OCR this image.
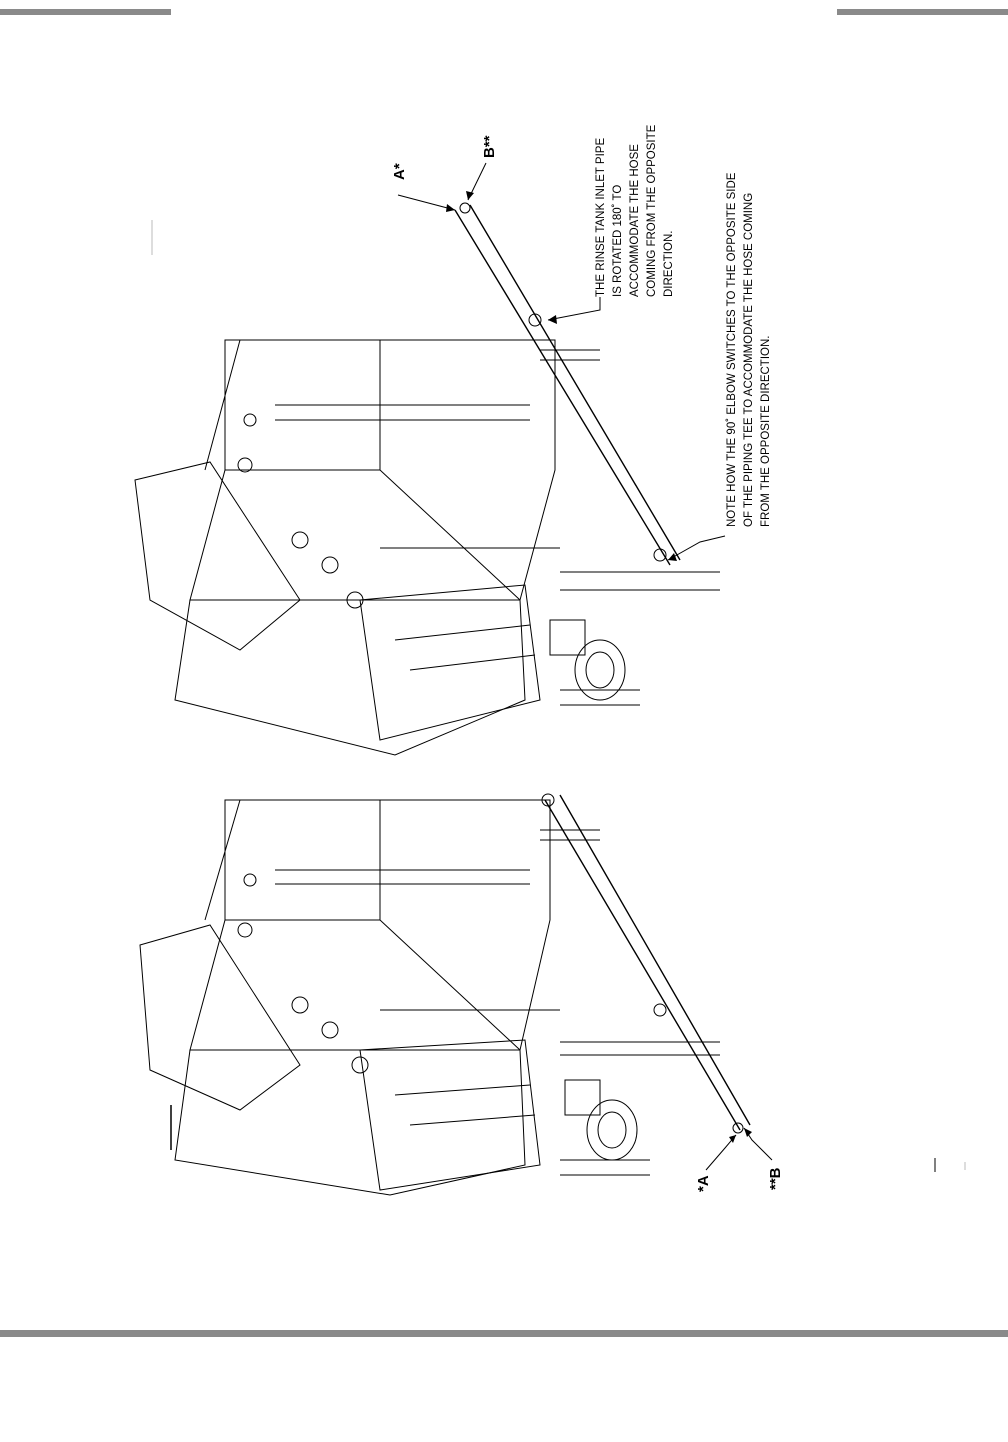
A*
B**
*A	**B
THE RINSE TANK INLET PIPE IS ROTATED 180˚ TO ACCOMMODATE THE HOSE COMING FROM THE OPPOSITE DIRECTION.	NOTE HOW THE 90˚ ELBOW SWITCHES TO THE OPPOSITE SIDE OF THE PIPING TEE TO ACCOMMODATE THE HOSE COMING FROM THE OPPOSITE DIRECTION.
